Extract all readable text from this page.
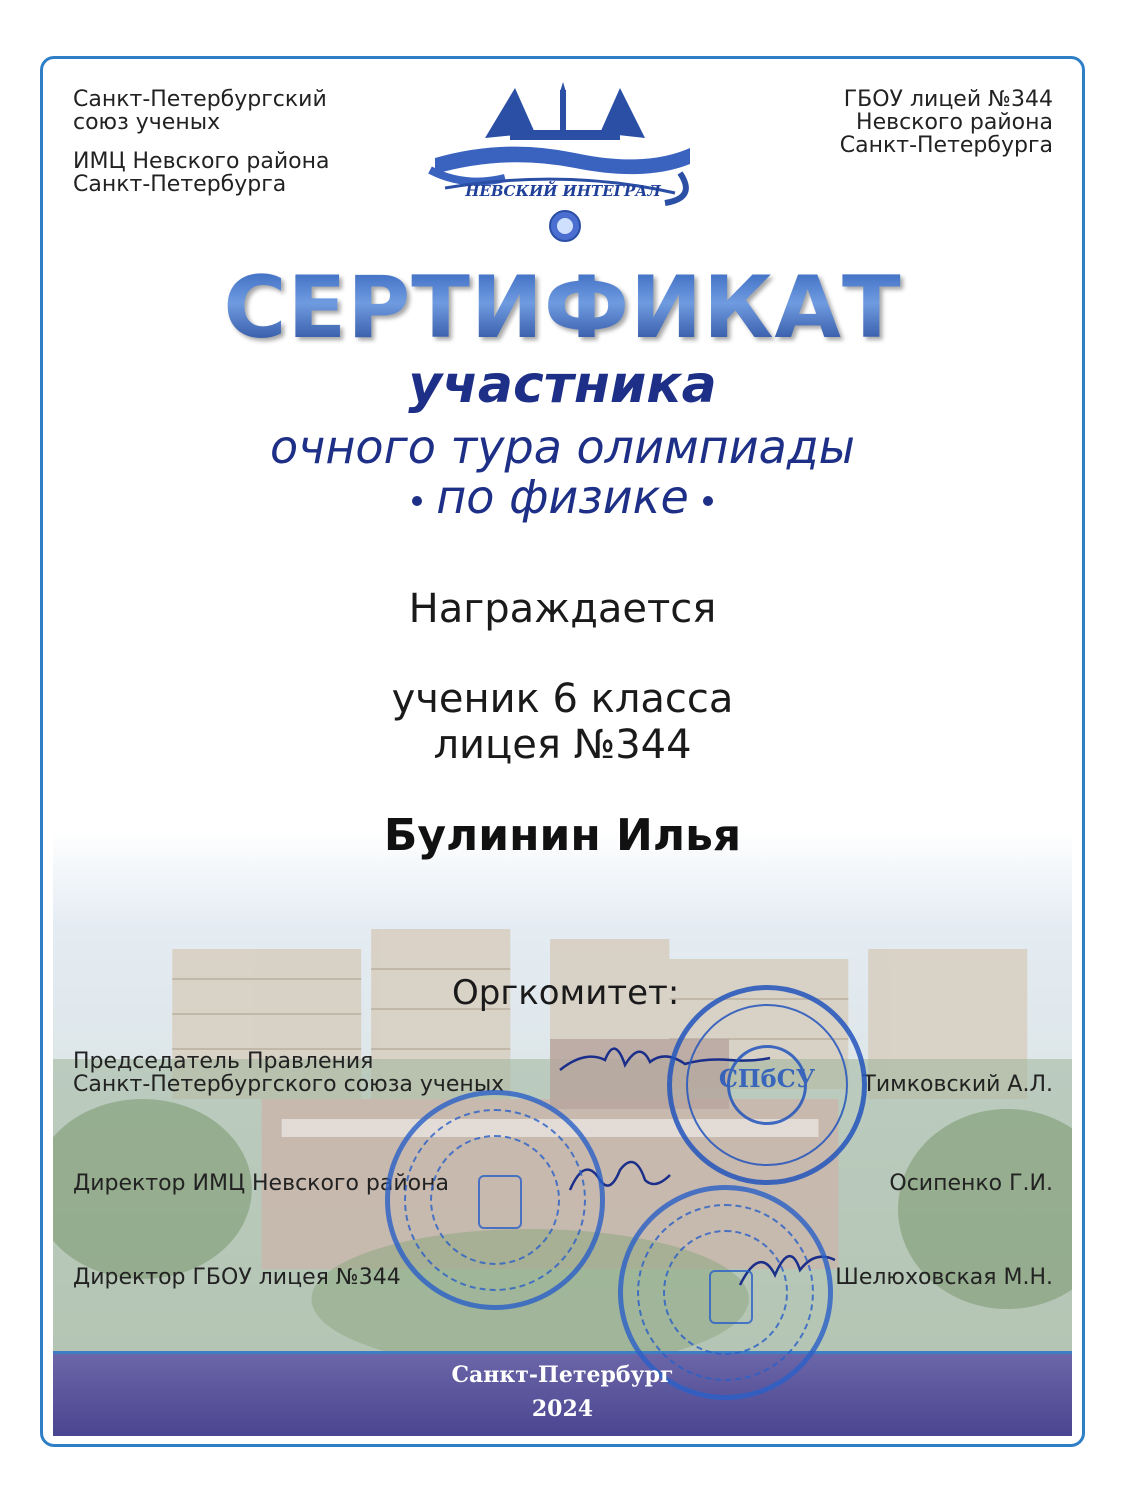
Санкт-Петербургский
союз ученых
ИМЦ Невского района
Санкт-Петербурга
ГБОУ лицей №344
Невского района
Санкт-Петербурга
НЕВСКИЙ ИНТЕГРАЛ
СЕРТИФИКАТ
участника
очного тура олимпиады
по физике
Награждается
ученик 6 класса
лицея №344
Булинин Илья
Оргкомитет:
Председатель Правления
Санкт-Петербургского союза ученых	Тимковский А.Л.
Директор ИМЦ Невского района	Осипенко Г.И.
Директор ГБОУ лицея №344	Шелюховская М.Н.
СПбСУ
Санкт-Петербург
2024
